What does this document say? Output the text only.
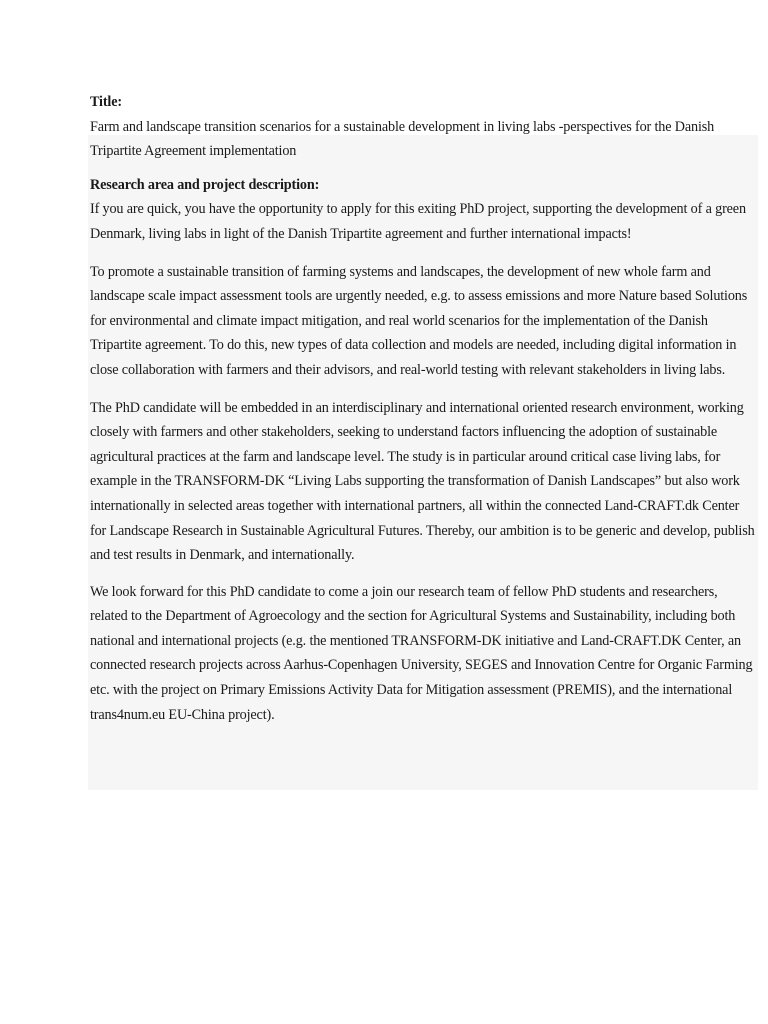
Title:

Farm and landscape transition scenarios for a sustainable development in living labs -perspectives for the Danish Tripartite Agreement implementation

Research area and project description:

If you are quick, you have the opportunity to apply for this exiting PhD project, supporting the development of a green Denmark, living labs in light of the Danish Tripartite agreement and further international impacts!

To promote a sustainable transition of farming systems and landscapes, the development of new whole farm and landscape scale impact assessment tools are urgently needed, e.g. to assess emissions and more Nature based Solutions for environmental and climate impact mitigation, and real world scenarios for the implementation of the Danish Tripartite agreement. To do this, new types of data collection and models are needed, including digital information in close collaboration with farmers and their advisors, and real-world testing with relevant stakeholders in living labs.

The PhD candidate will be embedded in an interdisciplinary and international oriented research environment, working closely with farmers and other stakeholders, seeking to understand factors influencing the adoption of sustainable agricultural practices at the farm and landscape level. The study is in particular around critical case living labs, for example in the TRANSFORM-DK “Living Labs supporting the transformation of Danish Landscapes” but also work internationally in selected areas together with international partners, all within the connected Land-CRAFT.dk Center for Landscape Research in Sustainable Agricultural Futures. Thereby, our ambition is to be generic and develop, publish and test results in Denmark, and internationally.

We look forward for this PhD candidate to come a join our research team of fellow PhD students and researchers, related to the Department of Agroecology and the section for Agricultural Systems and Sustainability, including both national and international projects (e.g. the mentioned TRANSFORM-DK initiative and Land-CRAFT.DK Center, an connected research projects across Aarhus-Copenhagen University, SEGES and Innovation Centre for Organic Farming etc. with the project on Primary Emissions Activity Data for Mitigation assessment (PREMIS), and the international trans4num.eu EU-China project).
